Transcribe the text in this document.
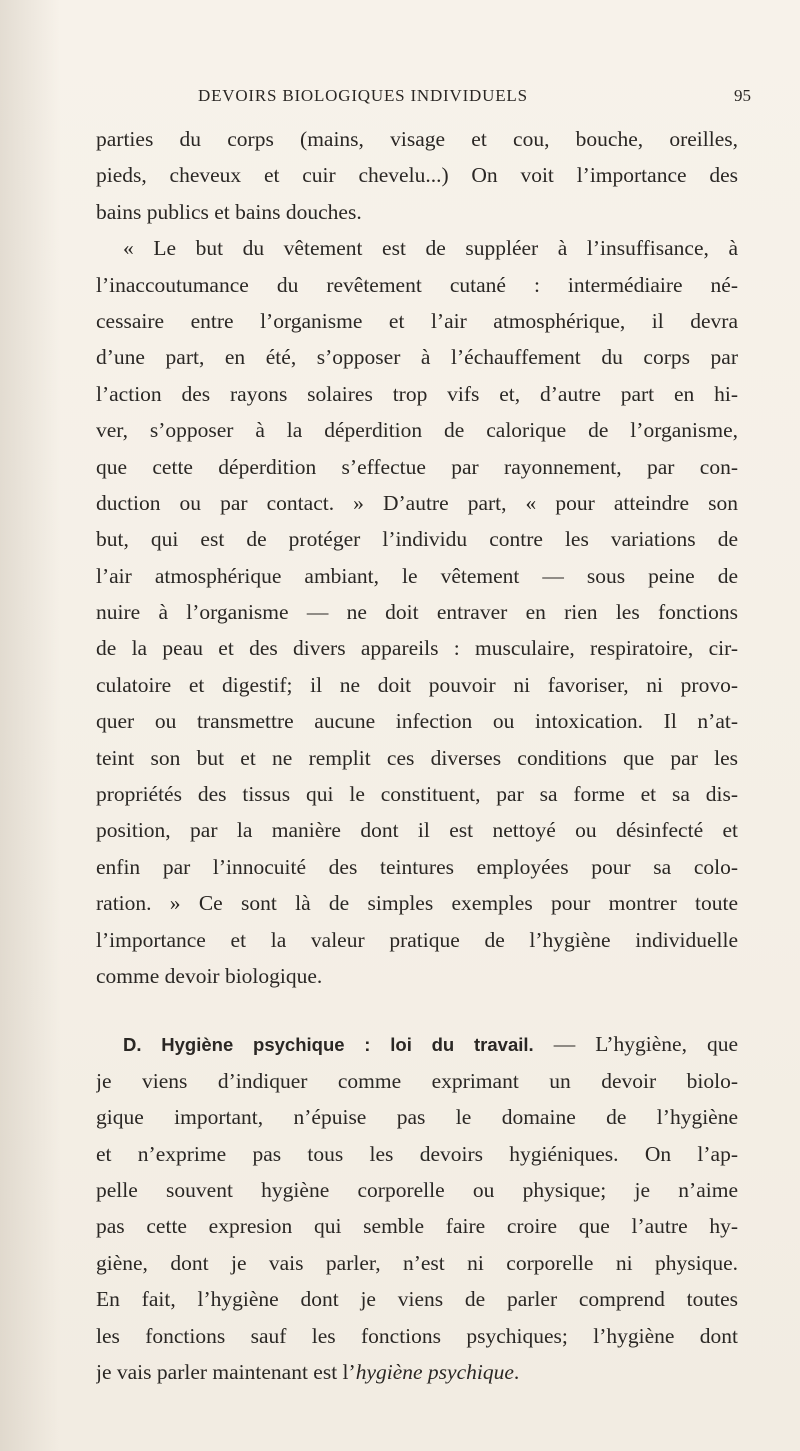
DEVOIRS BIOLOGIQUES INDIVIDUELS	95
parties du corps (mains, visage et cou, bouche, oreilles,
pieds, cheveux et cuir chevelu...) On voit l’importance des
bains publics et bains douches.
« Le but du vêtement est de suppléer à l’insuffisance, à
l’inaccoutumance du revêtement cutané : intermédiaire né-
cessaire entre l’organisme et l’air atmosphérique, il devra
d’une part, en été, s’opposer à l’échauffement du corps par
l’action des rayons solaires trop vifs et, d’autre part en hi-
ver, s’opposer à la déperdition de calorique de l’organisme,
que cette déperdition s’effectue par rayonnement, par con-
duction ou par contact. » D’autre part, « pour atteindre son
but, qui est de protéger l’individu contre les variations de
l’air atmosphérique ambiant, le vêtement — sous peine de
nuire à l’organisme — ne doit entraver en rien les fonctions
de la peau et des divers appareils : musculaire, respiratoire, cir-
culatoire et digestif; il ne doit pouvoir ni favoriser, ni provo-
quer ou transmettre aucune infection ou intoxication. Il n’at-
teint son but et ne remplit ces diverses conditions que par les
propriétés des tissus qui le constituent, par sa forme et sa dis-
position, par la manière dont il est nettoyé ou désinfecté et
enfin par l’innocuité des teintures employées pour sa colo-
ration. » Ce sont là de simples exemples pour montrer toute
l’importance et la valeur pratique de l’hygiène individuelle
comme devoir biologique.
D. Hygiène psychique : loi du travail. — L’hygiène, que
je viens d’indiquer comme exprimant un devoir biolo-
gique important, n’épuise pas le domaine de l’hygiène
et n’exprime pas tous les devoirs hygiéniques. On l’ap-
pelle souvent hygiène corporelle ou physique; je n’aime
pas cette expresion qui semble faire croire que l’autre hy-
giène, dont je vais parler, n’est ni corporelle ni physique.
En fait, l’hygiène dont je viens de parler comprend toutes
les fonctions sauf les fonctions psychiques; l’hygiène dont
je vais parler maintenant est l’hygiène psychique.
